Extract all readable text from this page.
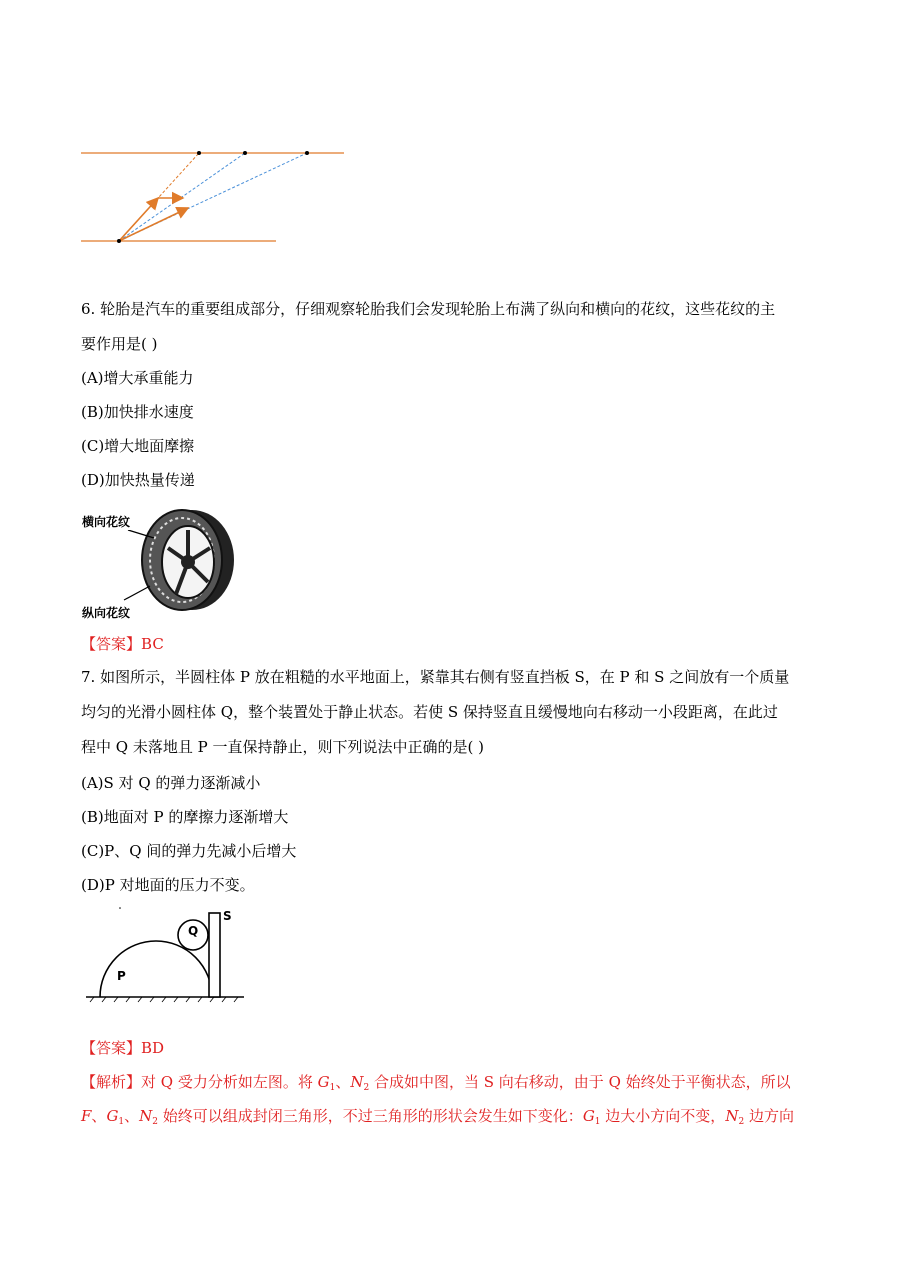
6. 轮胎是汽车的重要组成部分，仔细观察轮胎我们会发现轮胎上布满了纵向和横向的花纹，这些花纹的主
要作用是( )
(A)增大承重能力
(B)加快排水速度
(C)增大地面摩擦
(D)加快热量传递
横向花纹
纵向花纹
【答案】BC
7. 如图所示，半圆柱体 P 放在粗糙的水平地面上，紧靠其右侧有竖直挡板 S，在 P 和 S 之间放有一个质量
均匀的光滑小圆柱体 Q，整个装置处于静止状态。若使 S 保持竖直且缓慢地向右移动一小段距离，在此过
程中 Q 未落地且 P 一直保持静止，则下列说法中正确的是( )
(A)S 对 Q 的弹力逐渐减小
(B)地面对 P 的摩擦力逐渐增大
(C)P、Q 间的弹力先减小后增大
(D)P 对地面的压力不变。
P
Q
S
【答案】BD
【解析】对 Q 受力分析如左图。将 $G_1$、$N_2$ 合成如中图，当 S 向右移动，由于 Q 始终处于平衡状态，所以
F、$G_1$、$N_2$ 始终可以组成封闭三角形，不过三角形的形状会发生如下变化：$G_1$ 边大小方向不变，$N_2$ 边方向
